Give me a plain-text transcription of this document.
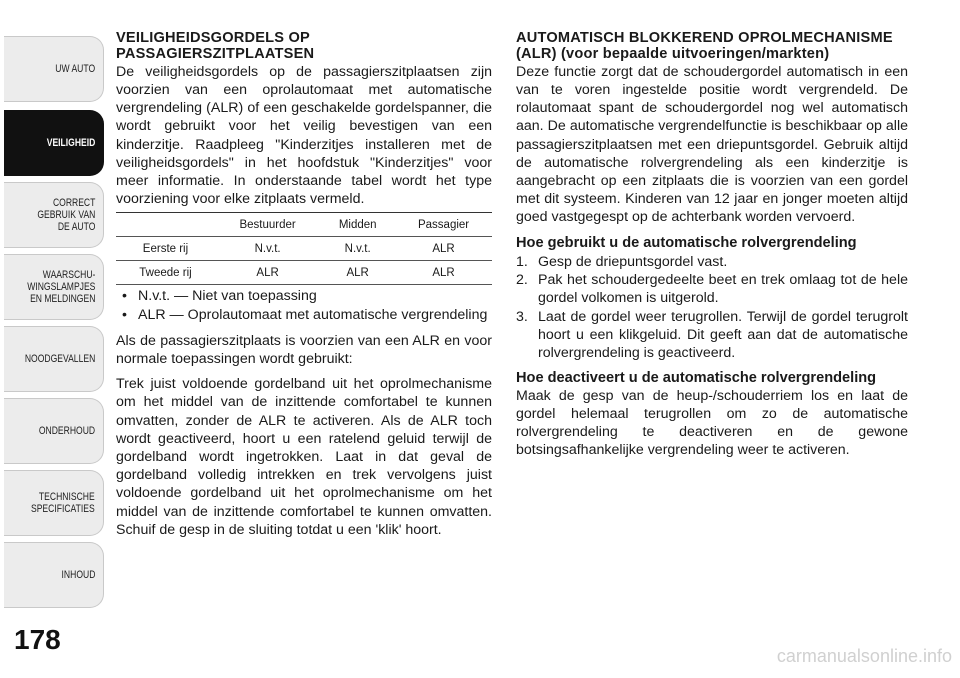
UW AUTO
VEILIGHEID
CORRECT
GEBRUIK VAN
DE AUTO
WAARSCHU-
WINGSLAMPJES
EN MELDINGEN
NOODGEVALLEN
ONDERHOUD
TECHNISCHE
SPECIFICATIES
INHOUD
178
VEILIGHEIDSGORDELS OP PASSAGIERSZITPLAATSEN

De veiligheidsgordels op de passagierszitplaatsen zijn voorzien van een oprolautomaat met automatische vergrendeling (ALR) of een geschakelde gordelspanner, die wordt gebruikt voor het veilig bevestigen van een kinderzitje. Raadpleeg "Kinderzitjes installeren met de veiligheidsgordels" in het hoofdstuk "Kinderzitjes" voor meer informatie. In onderstaande tabel wordt het type voorziening voor elke zitplaats vermeld.

	Bestuurder	Midden	Passagier
Eerste rij	N.v.t.	N.v.t.	ALR
Tweede rij	ALR	ALR	ALR
• N.v.t. — Niet van toepassing
• ALR — Oprolautomaat met automatische vergrendeling

Als de passagierszitplaats is voorzien van een ALR en voor normale toepassingen wordt gebruikt:

Trek juist voldoende gordelband uit het oprolmechanisme om het middel van de inzittende comfortabel te kunnen omvatten, zonder de ALR te activeren. Als de ALR toch wordt geactiveerd, hoort u een ratelend geluid terwijl de gordelband wordt ingetrokken. Laat in dat geval de gordelband volledig intrekken en trek vervolgens juist voldoende gordelband uit het oprolmechanisme om het middel van de inzittende comfortabel te kunnen omvatten. Schuif de gesp in de sluiting totdat u een 'klik' hoort.

AUTOMATISCH BLOKKEREND OPROLMECHANISME (ALR) (voor bepaalde uitvoeringen/markten)

Deze functie zorgt dat de schoudergordel automatisch in een van te voren ingestelde positie wordt vergrendeld. De rolautomaat spant de schoudergordel nog wel automatisch aan. De automatische vergrendelfunctie is beschikbaar op alle passagierszitplaatsen met een driepuntsgordel. Gebruik altijd de automatische rolvergrendeling als een kinderzitje is aangebracht op een zitplaats die is voorzien van een gordel met dit systeem. Kinderen van 12 jaar en jonger moeten altijd goed vastgegespt op de achterbank worden vervoerd.

Hoe gebruikt u de automatische rolvergrendeling
1. Gesp de driepuntsgordel vast.
2. Pak het schoudergedeelte beet en trek omlaag tot de hele gordel volkomen is uitgerold.
3. Laat de gordel weer terugrollen. Terwijl de gordel terugrolt hoort u een klikgeluid. Dit geeft aan dat de automatische rolvergrendeling is geactiveerd.
Hoe deactiveert u de automatische rolvergrendeling

Maak de gesp van de heup-/schouderriem los en laat de gordel helemaal terugrollen om zo de automatische rolvergrendeling te deactiveren en de gewone botsingsafhankelijke vergrendeling weer te activeren.

carmanualsonline.info
